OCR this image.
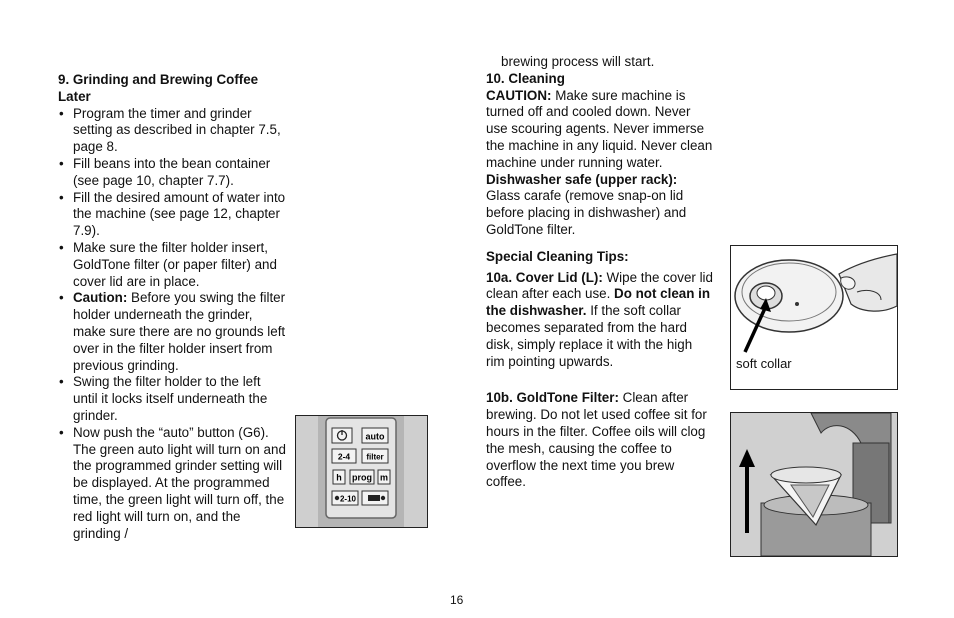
9. Grinding and Brewing Coffee Later

• Program the timer and grinder setting as described in chapter 7.5, page 8.
• Fill beans into the bean container (see page 10, chapter 7.7).
• Fill the desired amount of water into the machine (see page 12, chapter 7.9).
• Make sure the filter holder insert, GoldTone filter (or paper filter) and cover lid are in place.
• Caution: Before you swing the filter holder underneath the grinder, make sure there are no grounds left over in the filter holder insert from previous grinding.
• Swing the filter holder to the left until it locks itself underneath the grinder.
• Now push the “auto” button (G6). The green auto light will turn on and the programmed grinder setting will be displayed. At the programmed time, the green light will turn off, the red light will turn on, and the grinding /
auto
2-4 filter
h prog m
2-10

brewing process will start.

10. Cleaning

CAUTION: Make sure machine is turned off and cooled down. Never use scouring agents. Never immerse the machine in any liquid. Never clean machine under running water.

Dishwasher safe (upper rack):

Glass carafe (remove snap-on lid before placing in dishwasher) and GoldTone filter.

Special Cleaning Tips:

10a. Cover Lid (L): Wipe the cover lid clean after each use. Do not clean in the dishwasher. If the soft collar becomes separated from the hard disk, simply replace it with the high rim pointing upwards.

10b. GoldTone Filter: Clean after brewing. Do not let used coffee sit for hours in the filter. Coffee oils will clog the mesh, causing the coffee to overflow the next time you brew coffee.

soft collar
16
